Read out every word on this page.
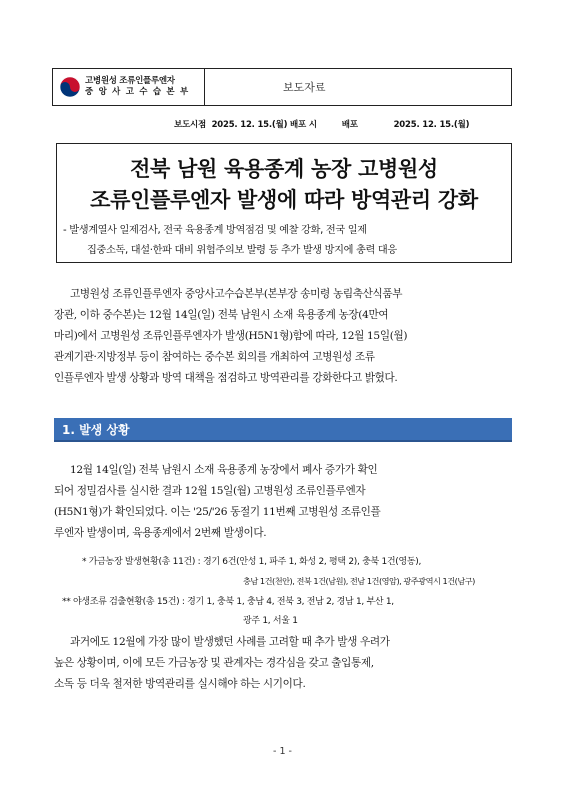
고병원성 조류인플루엔자
중 앙 사 고 수 습 본 부	보도자료
보도시점 2025. 12. 15.(월) 배포 시	배포	2025. 12. 15.(월)
전북 남원 육용종계 농장 고병원성
조류인플루엔자 발생에 따라 방역관리 강화
- 발생계열사 일제검사, 전국 육용종계 방역점검 및 예찰 강화, 전국 일제
집중소독, 대설·한파 대비 위험주의보 발령 등 추가 발생 방지에 총력 대응
고병원성 조류인플루엔자 중앙사고수습본부(본부장 송미령 농림축산식품부
장관, 이하 중수본)는 12월 14일(일) 전북 남원시 소재 육용종계 농장(4만여
마리)에서 고병원성 조류인플루엔자가 발생(H5N1형)함에 따라, 12월 15일(월)
관계기관·지방정부 등이 참여하는 중수본 회의를 개최하여 고병원성 조류
인플루엔자 발생 상황과 방역 대책을 점검하고 방역관리를 강화한다고 밝혔다.
1. 발생 상황
12월 14일(일) 전북 남원시 소재 육용종계 농장에서 폐사 증가가 확인
되어 정밀검사를 실시한 결과 12월 15일(월) 고병원성 조류인플루엔자
(H5N1형)가 확인되었다. 이는 '25/'26 동절기 11번째 고병원성 조류인플
루엔자 발생이며, 육용종계에서 2번째 발생이다.
* 가금농장 발생현황(총 11건) : 경기 6건(안성 1, 파주 1, 화성 2, 평택 2), 충북 1건(영동),
충남 1건(천안), 전북 1건(남원), 전남 1건(영암), 광주광역시 1건(남구)
** 야생조류 검출현황(총 15건) : 경기 1, 충북 1, 충남 4, 전북 3, 전남 2, 경남 1, 부산 1,
광주 1, 서울 1
과거에도 12월에 가장 많이 발생했던 사례를 고려할 때 추가 발생 우려가
높은 상황이며, 이에 모든 가금농장 및 관계자는 경각심을 갖고 출입통제,
소독 등 더욱 철저한 방역관리를 실시해야 하는 시기이다.
- 1 -
